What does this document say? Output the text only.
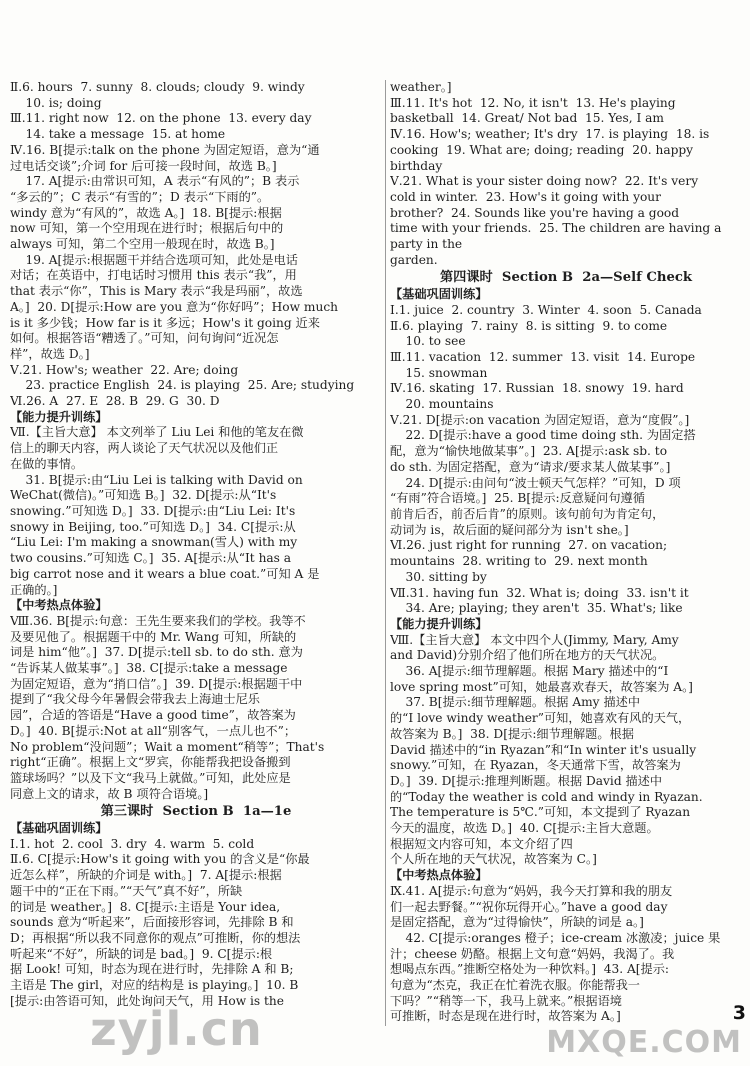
Ⅱ.6. hours  7. sunny  8. clouds; cloudy  9. windy
10. is; doing
Ⅲ.11. right now  12. on the phone  13. every day
14. take a message  15. at home
Ⅳ.16. B[提示:talk on the phone 为固定短语，意为“通
过电话交谈”;介词 for 后可接一段时间，故选 B。]
17. A[提示:由常识可知，A 表示“有风的”；B 表示
“多云的”；C 表示“有雪的”；D 表示“下雨的”。
windy 意为“有风的”，故选 A。]  18. B[提示:根据
now 可知，第一个空用现在进行时；根据后句中的
always 可知，第二个空用一般现在时，故选 B。]
19. A[提示:根据题干并结合选项可知，此处是电话
对话；在英语中，打电话时习惯用 this 表示“我”，用
that 表示“你”，This is Mary 表示“我是玛丽”，故选
A。]  20. D[提示:How are you 意为“你好吗”；How much
is it 多少钱；How far is it 多远；How's it going 近来
如何。根据答语“糟透了。”可知，问句询问“近况怎
样”，故选 D。]
Ⅴ.21. How's; weather  22. Are; doing
23. practice English  24. is playing  25. Are; studying
Ⅵ.26. A  27. E  28. B  29. G  30. D
【能力提升训练】
Ⅶ.【主旨大意】 本文列举了 Liu Lei 和他的笔友在微
信上的聊天内容，两人谈论了天气状况以及他们正
在做的事情。
31. B[提示:由“Liu Lei is talking with David on
WeChat(微信)。”可知选 B。]  32. D[提示:从“It's
snowing.”可知选 D。]  33. D[提示:由“Liu Lei: It's
snowy in Beijing, too.”可知选 D。]  34. C[提示:从
“Liu Lei: I'm making a snowman(雪人) with my
two cousins.”可知选 C。]  35. A[提示:从“It has a
big carrot nose and it wears a blue coat.”可知 A 是
正确的。]
【中考热点体验】
Ⅷ.36. B[提示:句意：王先生要来我们的学校。我等不
及要见他了。根据题干中的 Mr. Wang 可知，所缺的
词是 him“他”。]  37. D[提示:tell sb. to do sth. 意为
“告诉某人做某事”。]  38. C[提示:take a message
为固定短语，意为“捎口信”。]  39. D[提示:根据题干中
提到了“我父母今年暑假会带我去上海迪士尼乐
园”，合适的答语是“Have a good time”，故答案为
D。]  40. B[提示:Not at all“别客气，一点儿也不”；
No problem“没问题”；Wait a moment“稍等”；That's
right“正确”。根据上文“罗宾，你能帮我把设备搬到
篮球场吗？”以及下文“我马上就做。”可知，此处应是
同意上文的请求，故 B 项符合语境。]
第三课时  Section B  1a—1e
【基础巩固训练】
Ⅰ.1. hot  2. cool  3. dry  4. warm  5. cold
Ⅱ.6. C[提示:How's it going with you 的含义是“你最
近怎么样”，所缺的介词是 with。]  7. A[提示:根据
题干中的“正在下雨。”“天气”真不好”，所缺
的词是 weather。]  8. C[提示:主语是 Your idea,
sounds 意为“听起来”，后面接形容词，先排除 B 和
D；再根据“所以我不同意你的观点”可推断，你的想法
听起来“不好”，所缺的词是 bad。]  9. C[提示:根
据 Look! 可知，时态为现在进行时，先排除 A 和 B;
主语是 The girl，对应的结构是 is playing。]  10. B
[提示:由答语可知，此处询问天气，用 How is the
weather。]
Ⅲ.11. It's hot  12. No, it isn't  13. He's playing
basketball  14. Great/ Not bad  15. Yes, I am
Ⅳ.16. How's; weather; It's dry  17. is playing  18. is
cooking  19. What are; doing; reading  20. happy
birthday
Ⅴ.21. What is your sister doing now?  22. It's very
cold in winter.  23. How's it going with your
brother?  24. Sounds like you're having a good
time with your friends.  25. The children are having a party in the
garden.
第四课时  Section B  2a—Self Check
【基础巩固训练】
Ⅰ.1. juice  2. country  3. Winter  4. soon  5. Canada
Ⅱ.6. playing  7. rainy  8. is sitting  9. to come
10. to see
Ⅲ.11. vacation  12. summer  13. visit  14. Europe
15. snowman
Ⅳ.16. skating  17. Russian  18. snowy  19. hard
20. mountains
Ⅴ.21. D[提示:on vacation 为固定短语，意为“度假”。]
22. D[提示:have a good time doing sth. 为固定搭
配，意为“愉快地做某事”。]  23. A[提示:ask sb. to
do sth. 为固定搭配，意为“请求/要求某人做某事”。]
24. D[提示:由问句“波士顿天气怎样？”可知，D 项
“有雨”符合语境。]  25. B[提示:反意疑问句遵循
前肯后否，前否后肯”的原则。该句前句为肯定句，
动词为 is，故后面的疑问部分为 isn't she。]
Ⅵ.26. just right for running  27. on vacation;
mountains  28. writing to  29. next month
30. sitting by
Ⅶ.31. having fun  32. What is; doing  33. isn't it
34. Are; playing; they aren't  35. What's; like
【能力提升训练】
Ⅷ.【主旨大意】 本文中四个人(Jimmy, Mary, Amy
and David)分别介绍了他们所在地方的天气状况。
36. A[提示:细节理解题。根据 Mary 描述中的“I
love spring most”可知，她最喜欢春天，故答案为 A。]
37. B[提示:细节理解题。根据 Amy 描述中
的“I love windy weather”可知，她喜欢有风的天气，
故答案为 B。]  38. D[提示:细节理解题。根据
David 描述中的“in Ryazan”和“In winter it's usually
snowy.”可知，在 Ryazan，冬天通常下雪，故答案为
D。]  39. D[提示:推理判断题。根据 David 描述中
的“Today the weather is cold and windy in Ryazan.
The temperature is 5℃.”可知，本文提到了 Ryazan
今天的温度，故选 D。]  40. C[提示:主旨大意题。
根据短文内容可知，本文介绍了四
个人所在地的天气状况，故答案为 C。]
【中考热点体验】
Ⅸ.41. A[提示:句意为“妈妈，我今天打算和我的朋友
们一起去野餐。”“祝你玩得开心。”have a good day
是固定搭配，意为“过得愉快”，所缺的词是 a。]
42. C[提示:oranges 橙子；ice-cream 冰激凌；juice 果
汁；cheese 奶酪。根据上文句意“妈妈，我渴了。我
想喝点东西。”推断空格处为一种饮料。]  43. A[提示:
句意为“杰克，我正在忙着洗衣服。你能帮我一
下吗？”“稍等一下，我马上就来。”根据语境
可推断，时态是现在进行时，故答案为 A。]	3
zyjl.cn	MXQE.COM
